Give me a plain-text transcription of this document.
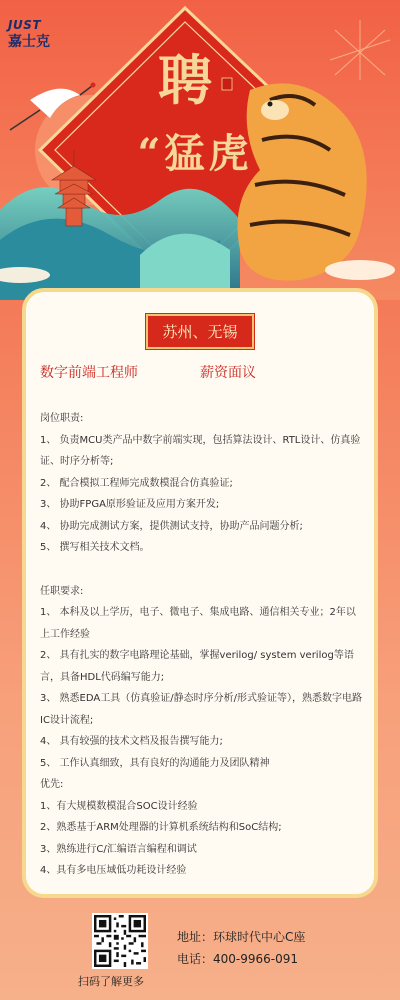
JUST
嘉士克
聘
“猛虎
苏州、无锡
数字前端工程师	薪资面议
岗位职责:
1、 负责MCU类产品中数字前端实现，包括算法设计、RTL设计、仿真验证、时序分析等;
2、 配合模拟工程师完成数模混合仿真验证;
3、 协助FPGA原形验证及应用方案开发;
4、 协助完成测试方案，提供测试支持，协助产品问题分析;
5、 撰写相关技术文档。
任职要求:
1、 本科及以上学历，电子、微电子、集成电路、通信相关专业；2年以上工作经验
2、 具有扎实的数字电路理论基础，掌握verilog/ system verilog等语言，具备HDL代码编写能力;
3、 熟悉EDA工具（仿真验证/静态时序分析/形式验证等），熟悉数字电路IC设计流程;
4、 具有较强的技术文档及报告撰写能力;
5、 工作认真细致，具有良好的沟通能力及团队精神
优先:
1、有大规模数模混合SOC设计经验
2、熟悉基于ARM处理器的计算机系统结构和SoC结构;
3、熟练进行C/汇编语言编程和调试
4、具有多电压域低功耗设计经验
扫码了解更多
地址：环球时代中心C座
电话：400-9966-091
